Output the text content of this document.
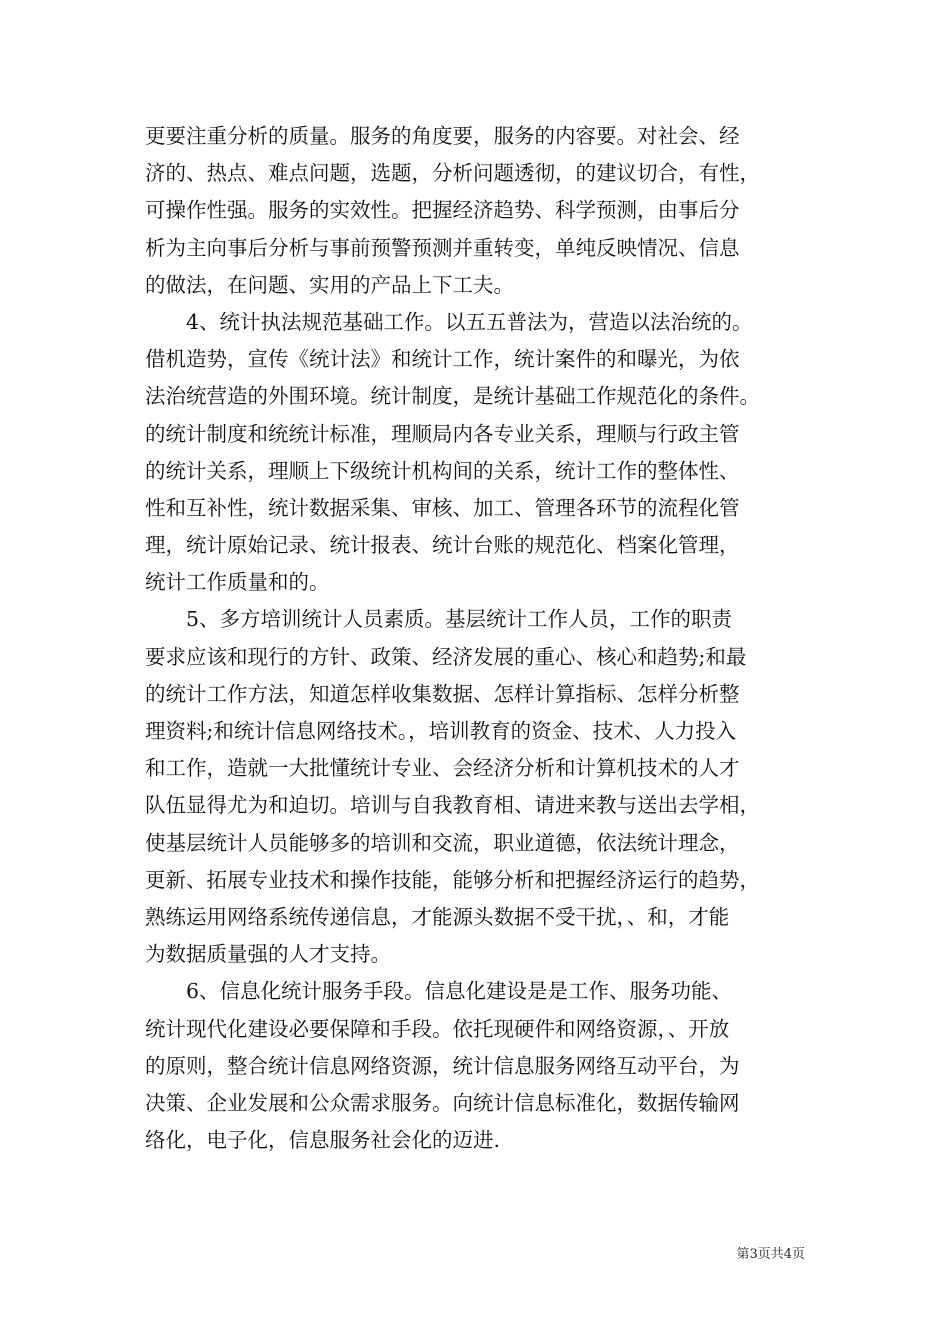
更要注重分析的质量。服务的角度要，服务的内容要。对社会、经
济的、热点、难点问题，选题，分析问题透彻，的建议切合，有性，
可操作性强。服务的实效性。把握经济趋势、科学预测，由事后分
析为主向事后分析与事前预警预测并重转变，单纯反映情况、信息
的做法，在问题、实用的产品上下工夫。

4、统计执法规范基础工作。以五五普法为，营造以法治统的。
借机造势，宣传《统计法》和统计工作，统计案件的和曝光，为依
法治统营造的外围环境。统计制度，是统计基础工作规范化的条件。
的统计制度和统统计标准，理顺局内各专业关系，理顺与行政主管
的统计关系，理顺上下级统计机构间的关系，统计工作的整体性、
性和互补性，统计数据采集、审核、加工、管理各环节的流程化管
理，统计原始记录、统计报表、统计台账的规范化、档案化管理，
统计工作质量和的。

5、多方培训统计人员素质。基层统计工作人员，工作的职责
要求应该和现行的方针、政策、经济发展的重心、核心和趋势;和最
的统计工作方法，知道怎样收集数据、怎样计算指标、怎样分析整
理资料;和统计信息网络技术。，培训教育的资金、技术、人力投入
和工作，造就一大批懂统计专业、会经济分析和计算机技术的人才
队伍显得尤为和迫切。培训与自我教育相、请进来教与送出去学相，
使基层统计人员能够多的培训和交流，职业道德，依法统计理念，
更新、拓展专业技术和操作技能，能够分析和把握经济运行的趋势，
熟练运用网络系统传递信息，才能源头数据不受干扰，、和，才能
为数据质量强的人才支持。

6、信息化统计服务手段。信息化建设是是工作、服务功能、
统计现代化建设必要保障和手段。依托现硬件和网络资源，、开放
的原则，整合统计信息网络资源，统计信息服务网络互动平台，为
决策、企业发展和公众需求服务。向统计信息标准化，数据传输网
络化，电子化，信息服务社会化的迈进.

第3页共4页
